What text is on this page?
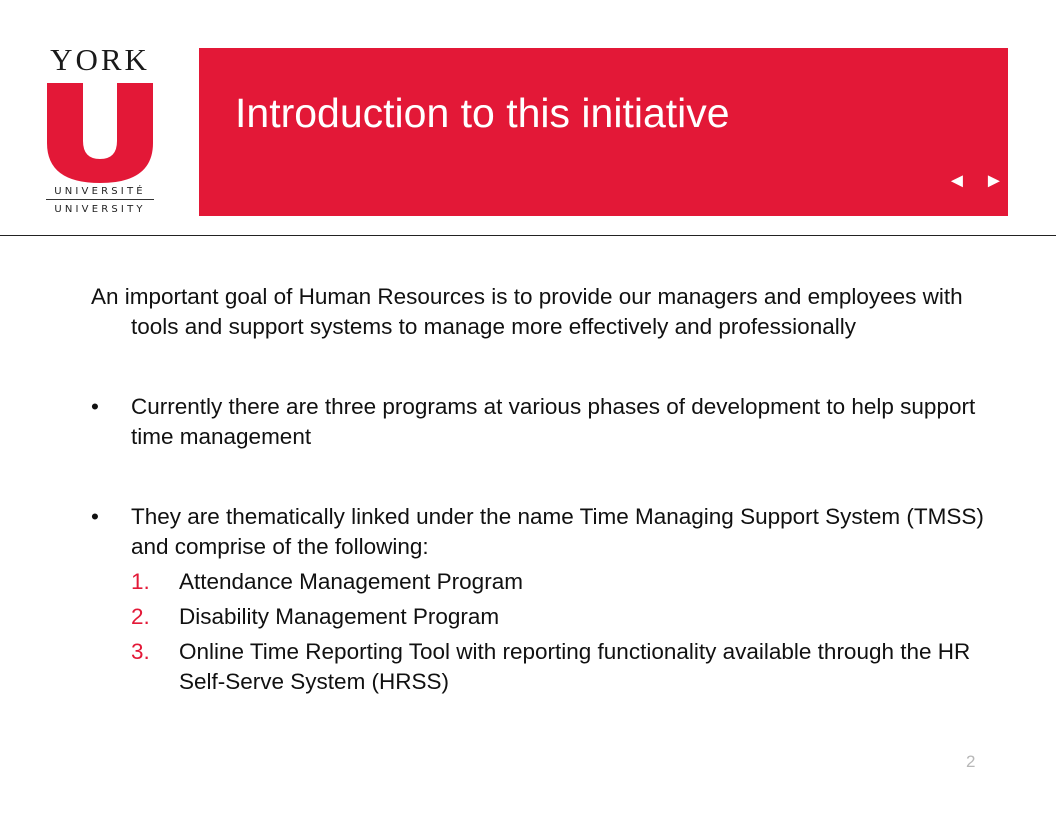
YORK
UNIVERSITÉ
UNIVERSITY
Introduction to this initiative
◄ ►

An important goal of Human Resources is to provide our managers and employees with tools and support systems to manage more effectively and professionally

• Currently there are three programs at various phases of development to help support time management
• They are thematically linked under the name Time Managing Support System (TMSS) and comprise of the following:
1. Attendance Management Program
2. Disability Management Program
3. Online Time Reporting Tool with reporting functionality available through the HR Self-Serve System (HRSS)
2
